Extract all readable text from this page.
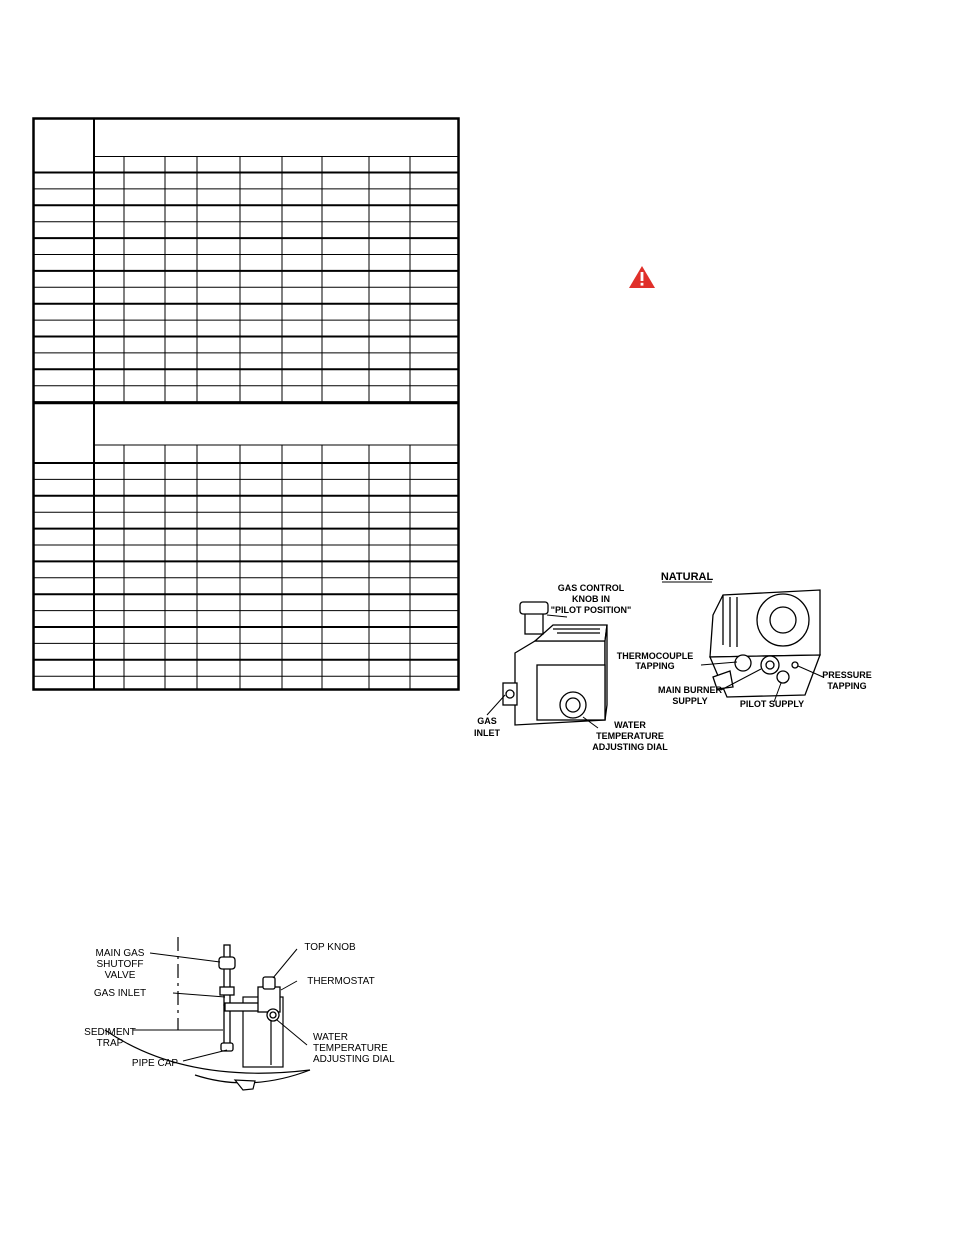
NATURAL
GAS CONTROL
KNOB IN
"PILOT POSITION"
THERMOCOUPLE
TAPPING
PRESSURE
TAPPING
MAIN BURNER
SUPPLY	PILOT SUPPLY
GAS
INLET
WATER
TEMPERATURE
ADJUSTING DIAL
MAIN GAS
SHUTOFF
VALVE
GAS INLET
SEDIMENT
TRAP
PIPE CAP
TOP KNOB
THERMOSTAT
WATER
TEMPERATURE
ADJUSTING DIAL
